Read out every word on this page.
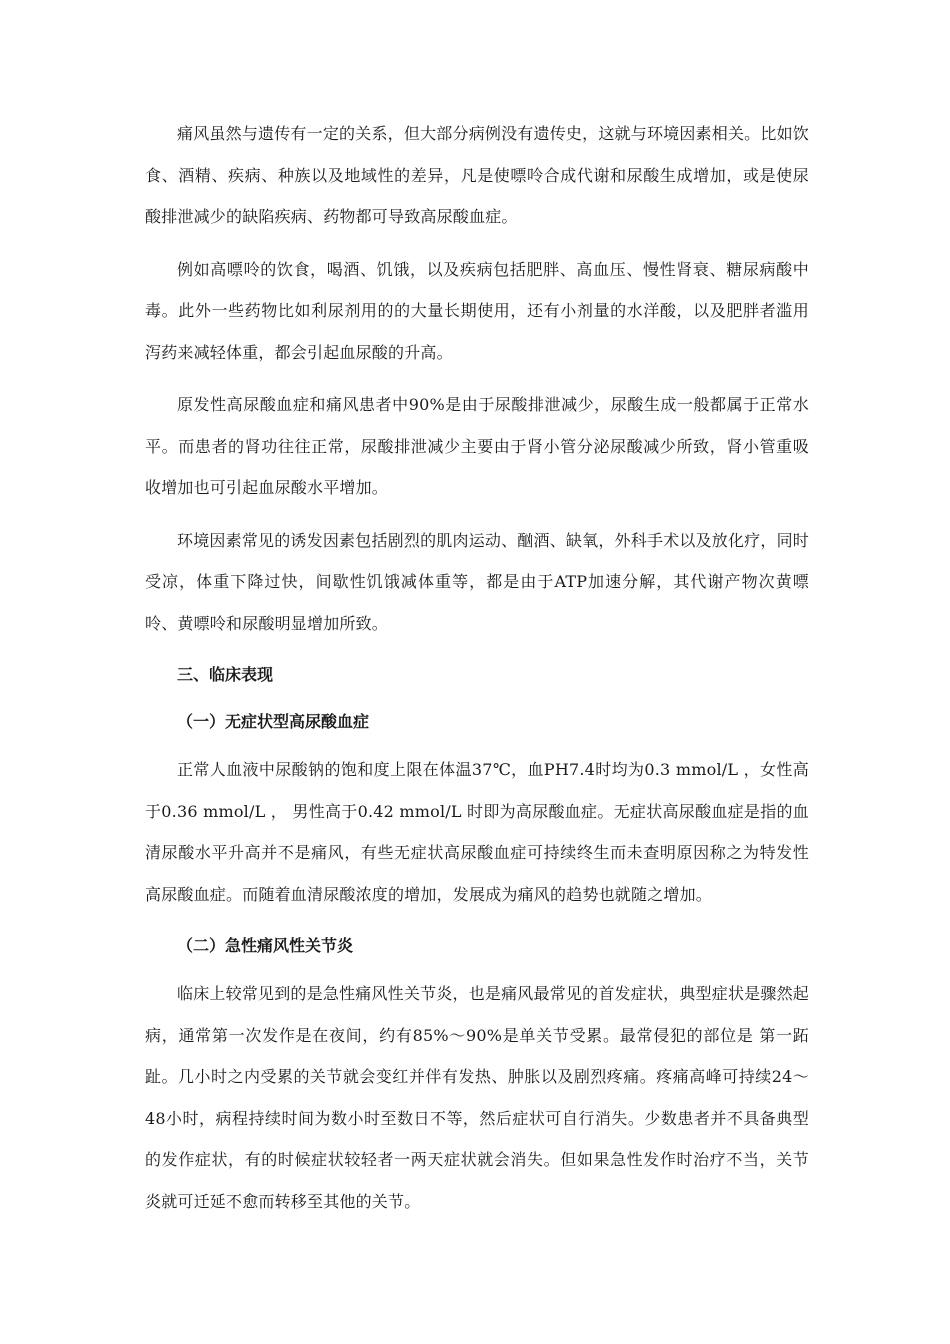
痛风虽然与遗传有一定的关系，但大部分病例没有遗传史，这就与环境因素相关。比如饮食、酒精、疾病、种族以及地域性的差异，凡是使嘌呤合成代谢和尿酸生成增加，或是使尿酸排泄减少的缺陷疾病、药物都可导致高尿酸血症。

例如高嘌呤的饮食，喝酒、饥饿，以及疾病包括肥胖、高血压、慢性肾衰、糖尿病酸中毒。此外一些药物比如利尿剂用的的大量长期使用，还有小剂量的水洋酸，以及肥胖者滥用泻药来减轻体重，都会引起血尿酸的升高。

原发性高尿酸血症和痛风患者中90%是由于尿酸排泄减少，尿酸生成一般都属于正常水平。而患者的肾功往往正常，尿酸排泄减少主要由于肾小管分泌尿酸减少所致，肾小管重吸收增加也可引起血尿酸水平增加。

环境因素常见的诱发因素包括剧烈的肌肉运动、酗酒、缺氧，外科手术以及放化疗，同时受凉，体重下降过快，间歇性饥饿减体重等，都是由于ATP加速分解，其代谢产物次黄嘌呤、黄嘌呤和尿酸明显增加所致。

三、临床表现
（一）无症状型高尿酸血症

正常人血液中尿酸钠的饱和度上限在体温37℃，血PH7.4时均为0.3 mmol/L ，女性高于0.36 mmol/L ， 男性高于0.42 mmol/L 时即为高尿酸血症。无症状高尿酸血症是指的血清尿酸水平升高并不是痛风，有些无症状高尿酸血症可持续终生而未查明原因称之为特发性高尿酸血症。而随着血清尿酸浓度的增加，发展成为痛风的趋势也就随之增加。

（二）急性痛风性关节炎

临床上较常见到的是急性痛风性关节炎，也是痛风最常见的首发症状，典型症状是骤然起病，通常第一次发作是在夜间，约有85%～90%是单关节受累。最常侵犯的部位是 第一跖趾。几小时之内受累的关节就会变红并伴有发热、肿胀以及剧烈疼痛。疼痛高峰可持续24～48小时，病程持续时间为数小时至数日不等，然后症状可自行消失。少数患者并不具备典型的发作症状，有的时候症状较轻者一两天症状就会消失。但如果急性发作时治疗不当，关节炎就可迁延不愈而转移至其他的关节。
